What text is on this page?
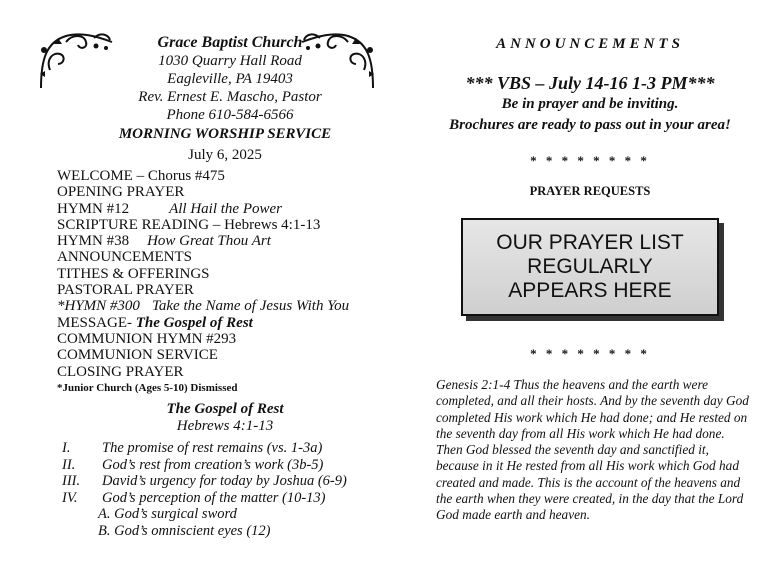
Grace Baptist Church
1030 Quarry Hall Road
Eagleville, PA 19403
Rev. Ernest E. Mascho, Pastor
Phone 610-584-6566
MORNING WORSHIP SERVICE
July 6, 2025
WELCOME – Chorus #475
OPENING PRAYER
HYMN #12	All Hail the Power
SCRIPTURE READING – Hebrews 4:1-13
HYMN #38 How Great Thou Art
ANNOUNCEMENTS
TITHES & OFFERINGS
PASTORAL PRAYER
*HYMN #300 Take the Name of Jesus With You
MESSAGE- The Gospel of Rest
COMMUNION HYMN #293
COMMUNION SERVICE
CLOSING PRAYER
*Junior Church (Ages 5-10) Dismissed
The Gospel of Rest
Hebrews 4:1-13
I. The promise of rest remains (vs. 1-3a)
II. God’s rest from creation’s work (3b-5)
III. David’s urgency for today by Joshua (6-9)
IV. God’s perception of the matter (10-13)
A. God’s surgical sword
B. God’s omniscient eyes (12)
ANNOUNCEMENTS
*** VBS – July 14-16 1-3 PM***
Be in prayer and be inviting.
Brochures are ready to pass out in your area!
* * * * * * * *
PRAYER REQUESTS
OUR PRAYER LIST
REGULARLY
APPEARS HERE
* * * * * * * *
Genesis 2:1-4 Thus the heavens and the earth were completed, and all their hosts. And by the seventh day God completed His work which He had done; and He rested on the seventh day from all His work which He had done. Then God blessed the seventh day and sanctified it, because in it He rested from all His work which God had created and made. This is the account of the heavens and the earth when they were created, in the day that the Lord God made earth and heaven.
